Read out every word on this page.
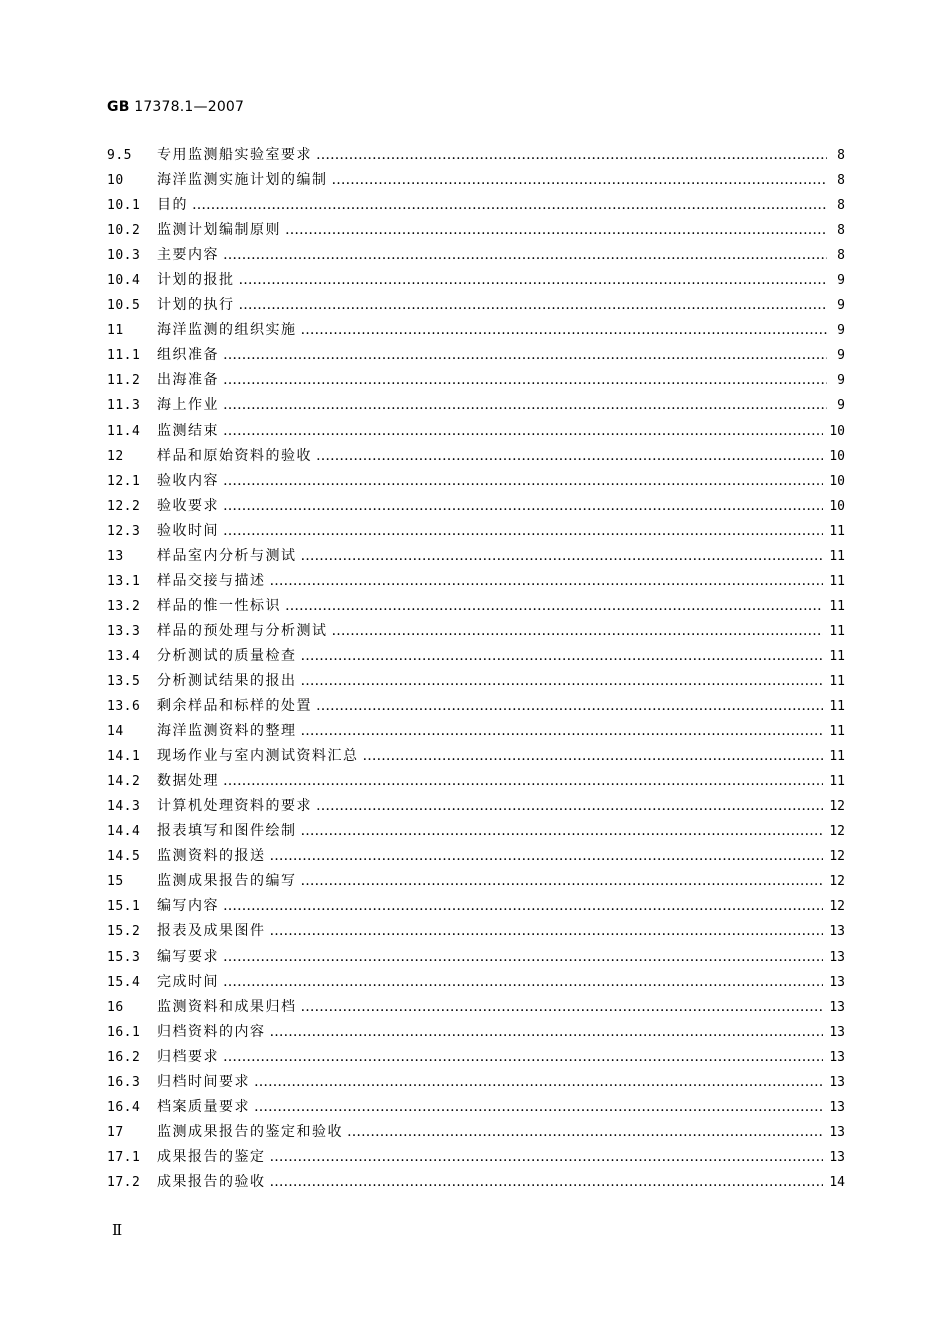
GB 17378.1—2007
9.5	专用监测船实验室要求 ……………………………………………………………………………………………………………………………………………………………………………………………………………………………………………	8
10	海洋监测实施计划的编制 ……………………………………………………………………………………………………………………………………………………………………………………………………………………………………………	8
10.1	目的 ……………………………………………………………………………………………………………………………………………………………………………………………………………………………………………	8
10.2	监测计划编制原则 ……………………………………………………………………………………………………………………………………………………………………………………………………………………………………………	8
10.3	主要内容 ……………………………………………………………………………………………………………………………………………………………………………………………………………………………………………	8
10.4	计划的报批 ……………………………………………………………………………………………………………………………………………………………………………………………………………………………………………	9
10.5	计划的执行 ……………………………………………………………………………………………………………………………………………………………………………………………………………………………………………	9
11	海洋监测的组织实施 ……………………………………………………………………………………………………………………………………………………………………………………………………………………………………………	9
11.1	组织准备 ……………………………………………………………………………………………………………………………………………………………………………………………………………………………………………	9
11.2	出海准备 ……………………………………………………………………………………………………………………………………………………………………………………………………………………………………………	9
11.3	海上作业 ……………………………………………………………………………………………………………………………………………………………………………………………………………………………………………	9
11.4	监测结束 ……………………………………………………………………………………………………………………………………………………………………………………………………………………………………………	10
12	样品和原始资料的验收 ……………………………………………………………………………………………………………………………………………………………………………………………………………………………………………	10
12.1	验收内容 ……………………………………………………………………………………………………………………………………………………………………………………………………………………………………………	10
12.2	验收要求 ……………………………………………………………………………………………………………………………………………………………………………………………………………………………………………	10
12.3	验收时间 ……………………………………………………………………………………………………………………………………………………………………………………………………………………………………………	11
13	样品室内分析与测试 ……………………………………………………………………………………………………………………………………………………………………………………………………………………………………………	11
13.1	样品交接与描述 ……………………………………………………………………………………………………………………………………………………………………………………………………………………………………………	11
13.2	样品的惟一性标识 ……………………………………………………………………………………………………………………………………………………………………………………………………………………………………………	11
13.3	样品的预处理与分析测试 ……………………………………………………………………………………………………………………………………………………………………………………………………………………………………………	11
13.4	分析测试的质量检查 ……………………………………………………………………………………………………………………………………………………………………………………………………………………………………………	11
13.5	分析测试结果的报出 ……………………………………………………………………………………………………………………………………………………………………………………………………………………………………………	11
13.6	剩余样品和标样的处置 ……………………………………………………………………………………………………………………………………………………………………………………………………………………………………………	11
14	海洋监测资料的整理 ……………………………………………………………………………………………………………………………………………………………………………………………………………………………………………	11
14.1	现场作业与室内测试资料汇总 ……………………………………………………………………………………………………………………………………………………………………………………………………………………………………………	11
14.2	数据处理 ……………………………………………………………………………………………………………………………………………………………………………………………………………………………………………	11
14.3	计算机处理资料的要求 ……………………………………………………………………………………………………………………………………………………………………………………………………………………………………………	12
14.4	报表填写和图件绘制 ……………………………………………………………………………………………………………………………………………………………………………………………………………………………………………	12
14.5	监测资料的报送 ……………………………………………………………………………………………………………………………………………………………………………………………………………………………………………	12
15	监测成果报告的编写 ……………………………………………………………………………………………………………………………………………………………………………………………………………………………………………	12
15.1	编写内容 ……………………………………………………………………………………………………………………………………………………………………………………………………………………………………………	12
15.2	报表及成果图件 ……………………………………………………………………………………………………………………………………………………………………………………………………………………………………………	13
15.3	编写要求 ……………………………………………………………………………………………………………………………………………………………………………………………………………………………………………	13
15.4	完成时间 ……………………………………………………………………………………………………………………………………………………………………………………………………………………………………………	13
16	监测资料和成果归档 ……………………………………………………………………………………………………………………………………………………………………………………………………………………………………………	13
16.1	归档资料的内容 ……………………………………………………………………………………………………………………………………………………………………………………………………………………………………………	13
16.2	归档要求 ……………………………………………………………………………………………………………………………………………………………………………………………………………………………………………	13
16.3	归档时间要求 ……………………………………………………………………………………………………………………………………………………………………………………………………………………………………………	13
16.4	档案质量要求 ……………………………………………………………………………………………………………………………………………………………………………………………………………………………………………	13
17	监测成果报告的鉴定和验收 ……………………………………………………………………………………………………………………………………………………………………………………………………………………………………………	13
17.1	成果报告的鉴定 ……………………………………………………………………………………………………………………………………………………………………………………………………………………………………………	13
17.2	成果报告的验收 ……………………………………………………………………………………………………………………………………………………………………………………………………………………………………………	14
Ⅱ
